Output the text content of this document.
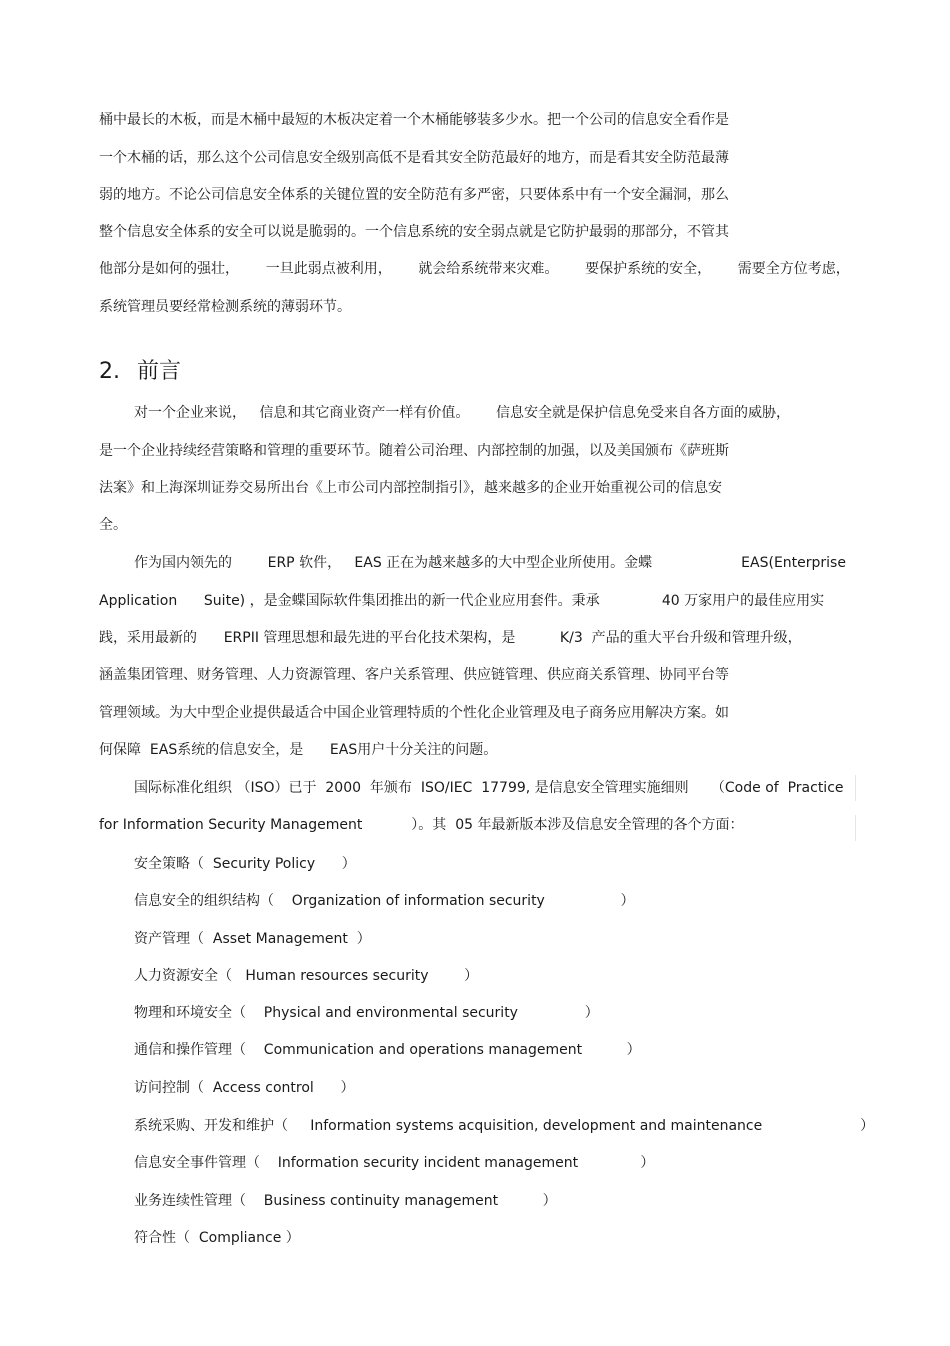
桶中最长的木板，而是木桶中最短的木板决定着一个木桶能够装多少水。把一个公司的信息安全看作是
一个木桶的话，那么这个公司信息安全级别高低不是看其安全防范最好的地方，而是看其安全防范最薄
弱的地方。不论公司信息安全体系的关键位置的安全防范有多严密，只要体系中有一个安全漏洞，那么
整个信息安全体系的安全可以说是脆弱的。一个信息系统的安全弱点就是它防护最弱的那部分，不管其
他部分是如何的强壮，      一旦此弱点被利用，      就会给系统带来灾难。      要保护系统的安全，      需要全方位考虑，
系统管理员要经常检测系统的薄弱环节。
2. 前言
对一个企业来说，   信息和其它商业资产一样有价值。      信息安全就是保护信息免受来自各方面的威胁，
是一个企业持续经营策略和管理的重要环节。随着公司治理、内部控制的加强，以及美国颁布《萨班斯
法案》和上海深圳证券交易所出台《上市公司内部控制指引》，越来越多的企业开始重视公司的信息安
全。
作为国内领先的        ERP 软件，   EAS 正在为越来越多的大中型企业所使用。金蝶                    EAS(Enterprise
Application      Suite) ，是金蝶国际软件集团推出的新一代企业应用套件。秉承              40 万家用户的最佳应用实
践，采用最新的      ERPII 管理思想和最先进的平台化技术架构，是          K/3  产品的重大平台升级和管理升级，
涵盖集团管理、财务管理、人力资源管理、客户关系管理、供应链管理、供应商关系管理、协同平台等
管理领域。为大中型企业提供最适合中国企业管理特质的个性化企业管理及电子商务应用解决方案。如
何保障  EAS系统的信息安全，是      EAS用户十分关注的问题。
国际标准化组织 （ISO）已于  2000  年颁布  ISO/IEC  17799, 是信息安全管理实施细则     （Code of  Practice
for Information Security Management           ）。其  05 年最新版本涉及信息安全管理的各个方面：
安全策略（  Security Policy      ）
信息安全的组织结构（    Organization of information security                 ）
资产管理（  Asset Management  ）
人力资源安全（   Human resources security        ）
物理和环境安全（    Physical and environmental security               ）
通信和操作管理（    Communication and operations management          ）
访问控制（  Access control      ）
系统采购、开发和维护（     Information systems acquisition, development and maintenance                      ）
信息安全事件管理（    Information security incident management              ）
业务连续性管理（    Business continuity management          ）
符合性（  Compliance ）
